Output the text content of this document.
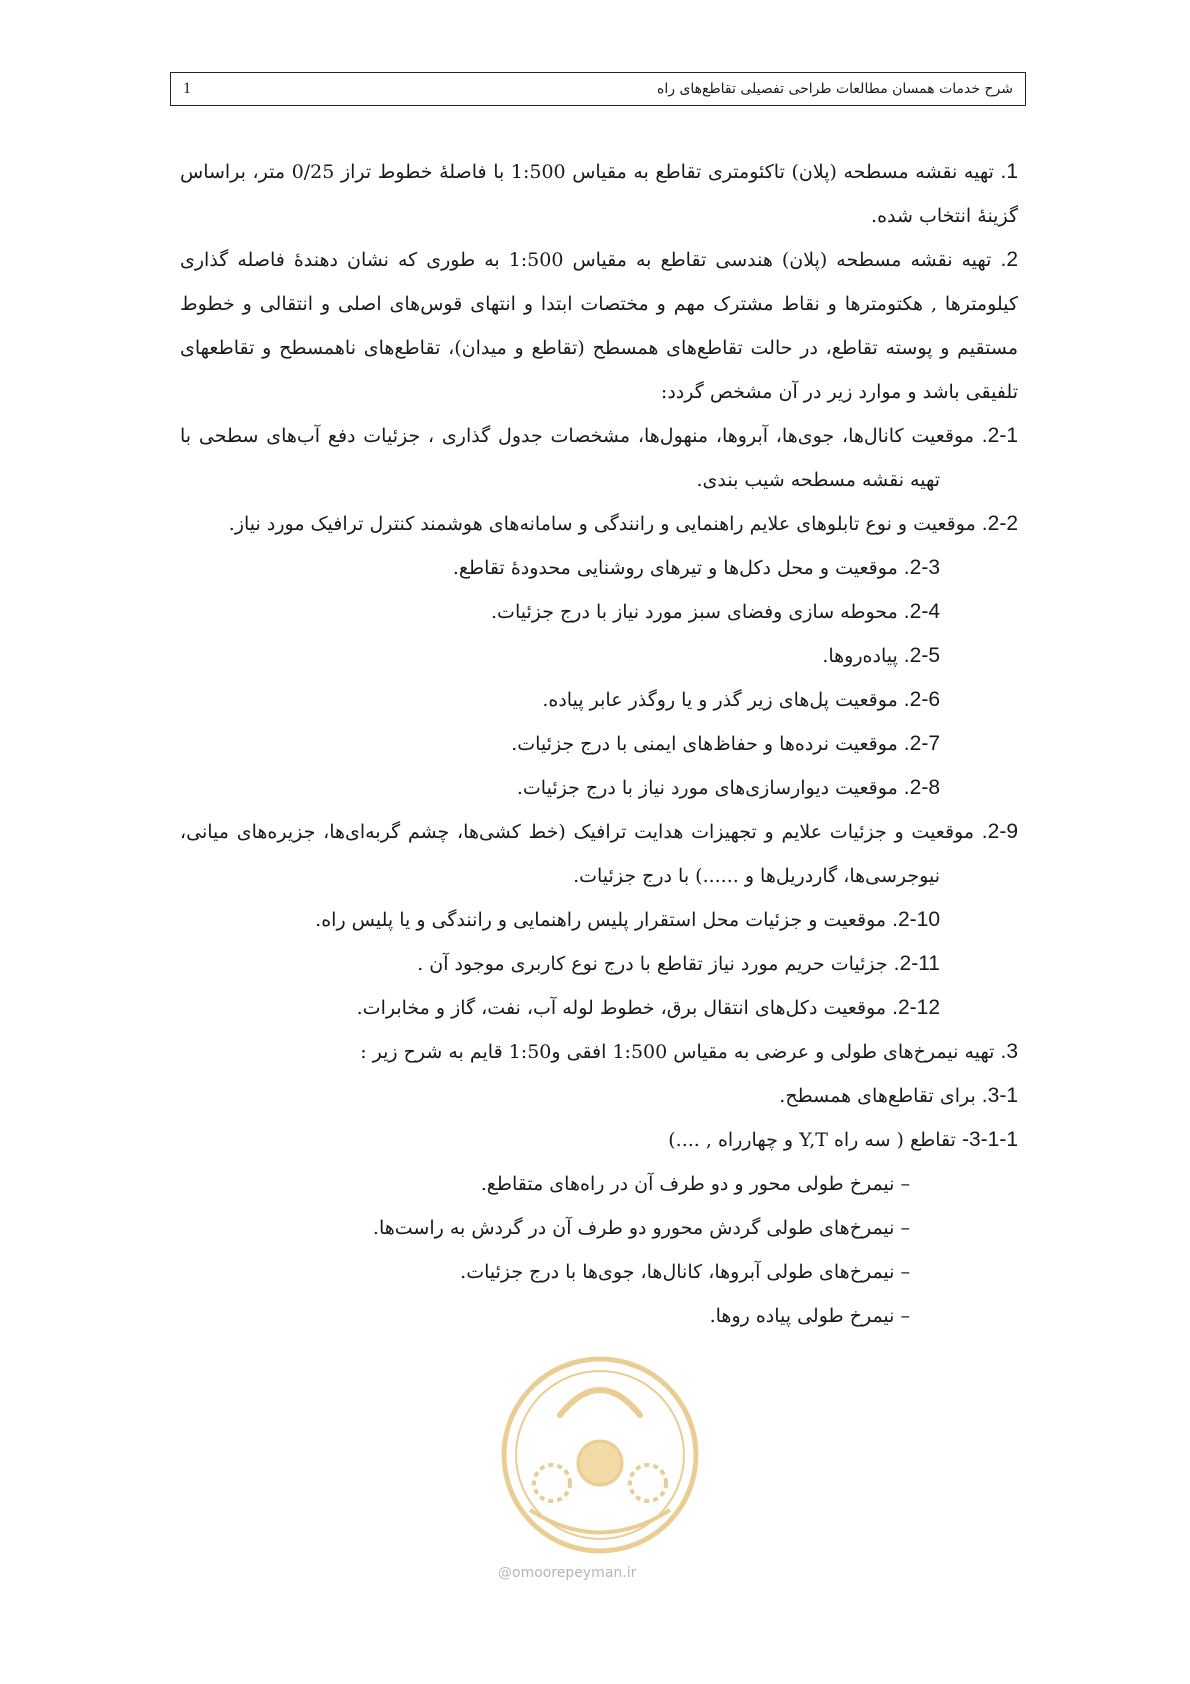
1	شرح خدمات همسان مطالعات طراحی تفصیلی تقاطع‌های راه

1. تهیه نقشه مسطحه (پلان) تاکئومتری تقاطع به مقیاس 1:500 با فاصلهٔ خطوط تراز 0/25 متر، براساس گزینهٔ انتخاب شده.

2. تهیه نقشه مسطحه (پلان) هندسی تقاطع به مقیاس 1:500 به طوری که نشان دهندهٔ فاصله گذاری کیلومترها , هکتومترها و نقاط مشترک مهم و مختصات ابتدا و انتهای قوس‌های اصلی و انتقالی و خطوط مستقیم و پوسته تقاطع، در حالت تقاطع‌های همسطح (تقاطع و میدان)، تقاطع‌های ناهمسطح و تقاطعهای تلفیقی باشد و موارد زیر در آن مشخص گردد:

2-1. موقعیت کانال‌ها، جوی‌ها، آبروها، منهول‌ها، مشخصات جدول گذاری ، جزئیات دفع آب‌های سطحی با تهیه نقشه مسطحه شیب بندی.

2-2. موقعیت و نوع تابلوهای علایم راهنمایی و رانندگی و سامانه‌های هوشمند کنترل ترافیک مورد نیاز.

2-3. موقعیت و محل دکل‌ها و تیرهای روشنایی محدودهٔ تقاطع.

2-4. محوطه سازی وفضای سبز مورد نیاز با درج جزئیات.

2-5. پیاده‌روها.

2-6. موقعیت پل‌های زیر گذر و یا روگذر عابر پیاده.

2-7. موقعیت نرده‌ها و حفاظ‌های ایمنی با درج جزئیات.

2-8. موقعیت دیوارسازی‌های مورد نیاز با درج جزئیات.

2-9. موقعیت و جزئیات علایم و تجهیزات هدایت ترافیک (خط کشی‌ها، چشم گربه‌ای‌ها، جزیره‌های میانی، نیوجرسی‌ها، گاردریل‌ها و ......) با درج جزئیات.

2-10. موقعیت و جزئیات محل استقرار پلیس راهنمایی و رانندگی و یا پلیس راه.

2-11. جزئیات حریم مورد نیاز تقاطع با درج نوع کاربری موجود آن .

2-12. موقعیت دکل‌های انتقال برق، خطوط لوله آب، نفت، گاز و مخابرات.

3. تهیه نیمرخ‌های طولی و عرضی به مقیاس 1:500 افقی و1:50 قایم به شرح زیر :

3-1. برای تقاطع‌های همسطح.

3-1-1- تقاطع ( سه راه Y,T و چهارراه , ....)

– نیمرخ طولی محور و دو طرف آن در راه‌های متقاطع.

– نیمرخ‌های طولی گردش محورو دو طرف آن در گردش به راست‌ها.

– نیمرخ‌های طولی آبروها، کانال‌ها، جوی‌ها با درج جزئیات.

– نیمرخ طولی پیاده روها.

@omoorepeyman.ir
